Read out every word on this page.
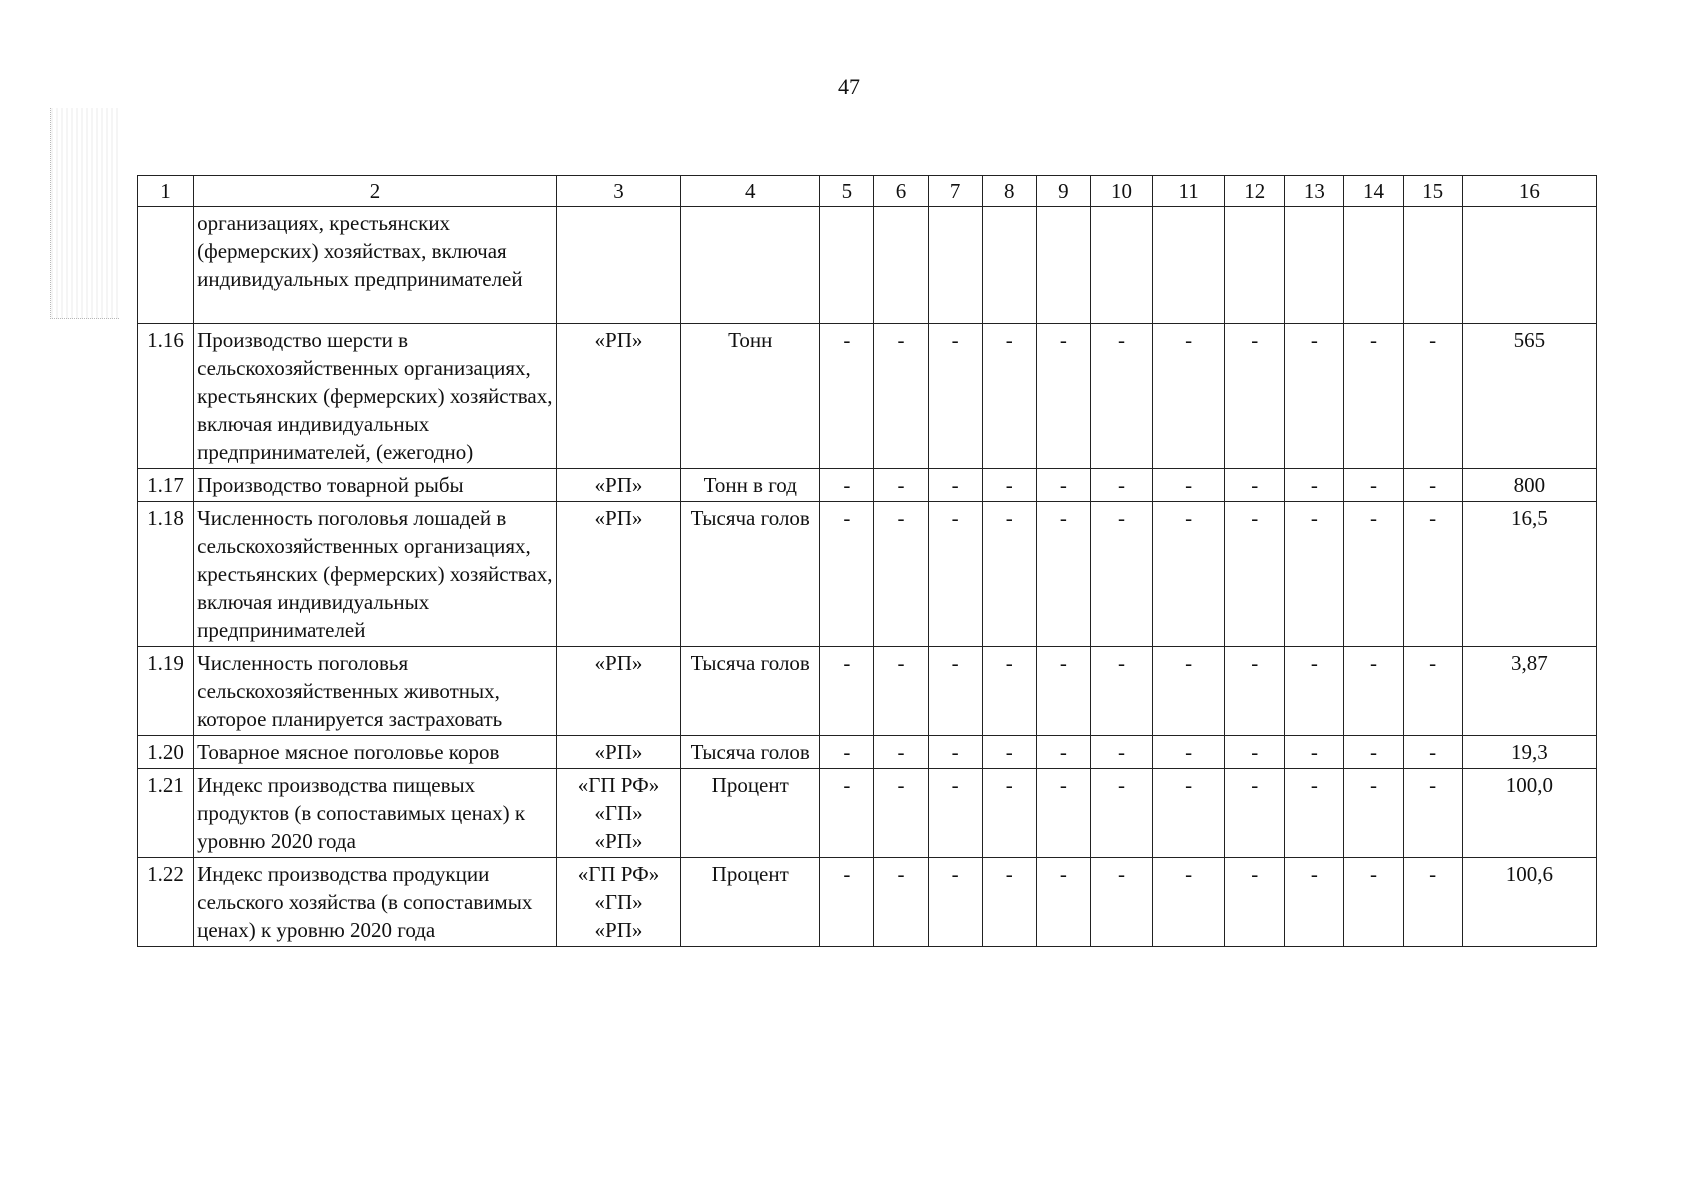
47
1	2	3	4	5	6	7	8	9	10	11	12	13	14	15	16
	организациях, крестьянских (фермерских) хозяйствах, включая индивидуальных предпринимателей														
1.16	Производство шерсти в сельскохозяйственных организациях, крестьянских (фермерских) хозяйствах, включая индивидуальных предпринимателей, (ежегодно)	«РП»	Тонн	-	-	-	-	-	-	-	-	-	-	-	565
1.17	Производство товарной рыбы	«РП»	Тонн в год	-	-	-	-	-	-	-	-	-	-	-	800
1.18	Численность поголовья лошадей в сельскохозяйственных организациях, крестьянских (фермерских) хозяйствах, включая индивидуальных предпринимателей	«РП»	Тысяча голов	-	-	-	-	-	-	-	-	-	-	-	16,5
1.19	Численность поголовья сельскохозяйственных животных, которое планируется застраховать	«РП»	Тысяча голов	-	-	-	-	-	-	-	-	-	-	-	3,87
1.20	Товарное мясное поголовье коров	«РП»	Тысяча голов	-	-	-	-	-	-	-	-	-	-	-	19,3
1.21	Индекс производства пищевых продуктов (в сопоставимых ценах) к уровню 2020 года	«ГП РФ»
«ГП»
«РП»	Процент	-	-	-	-	-	-	-	-	-	-	-	100,0
1.22	Индекс производства продукции сельского хозяйства (в сопоставимых ценах) к уровню 2020 года	«ГП РФ»
«ГП»
«РП»	Процент	-	-	-	-	-	-	-	-	-	-	-	100,6
